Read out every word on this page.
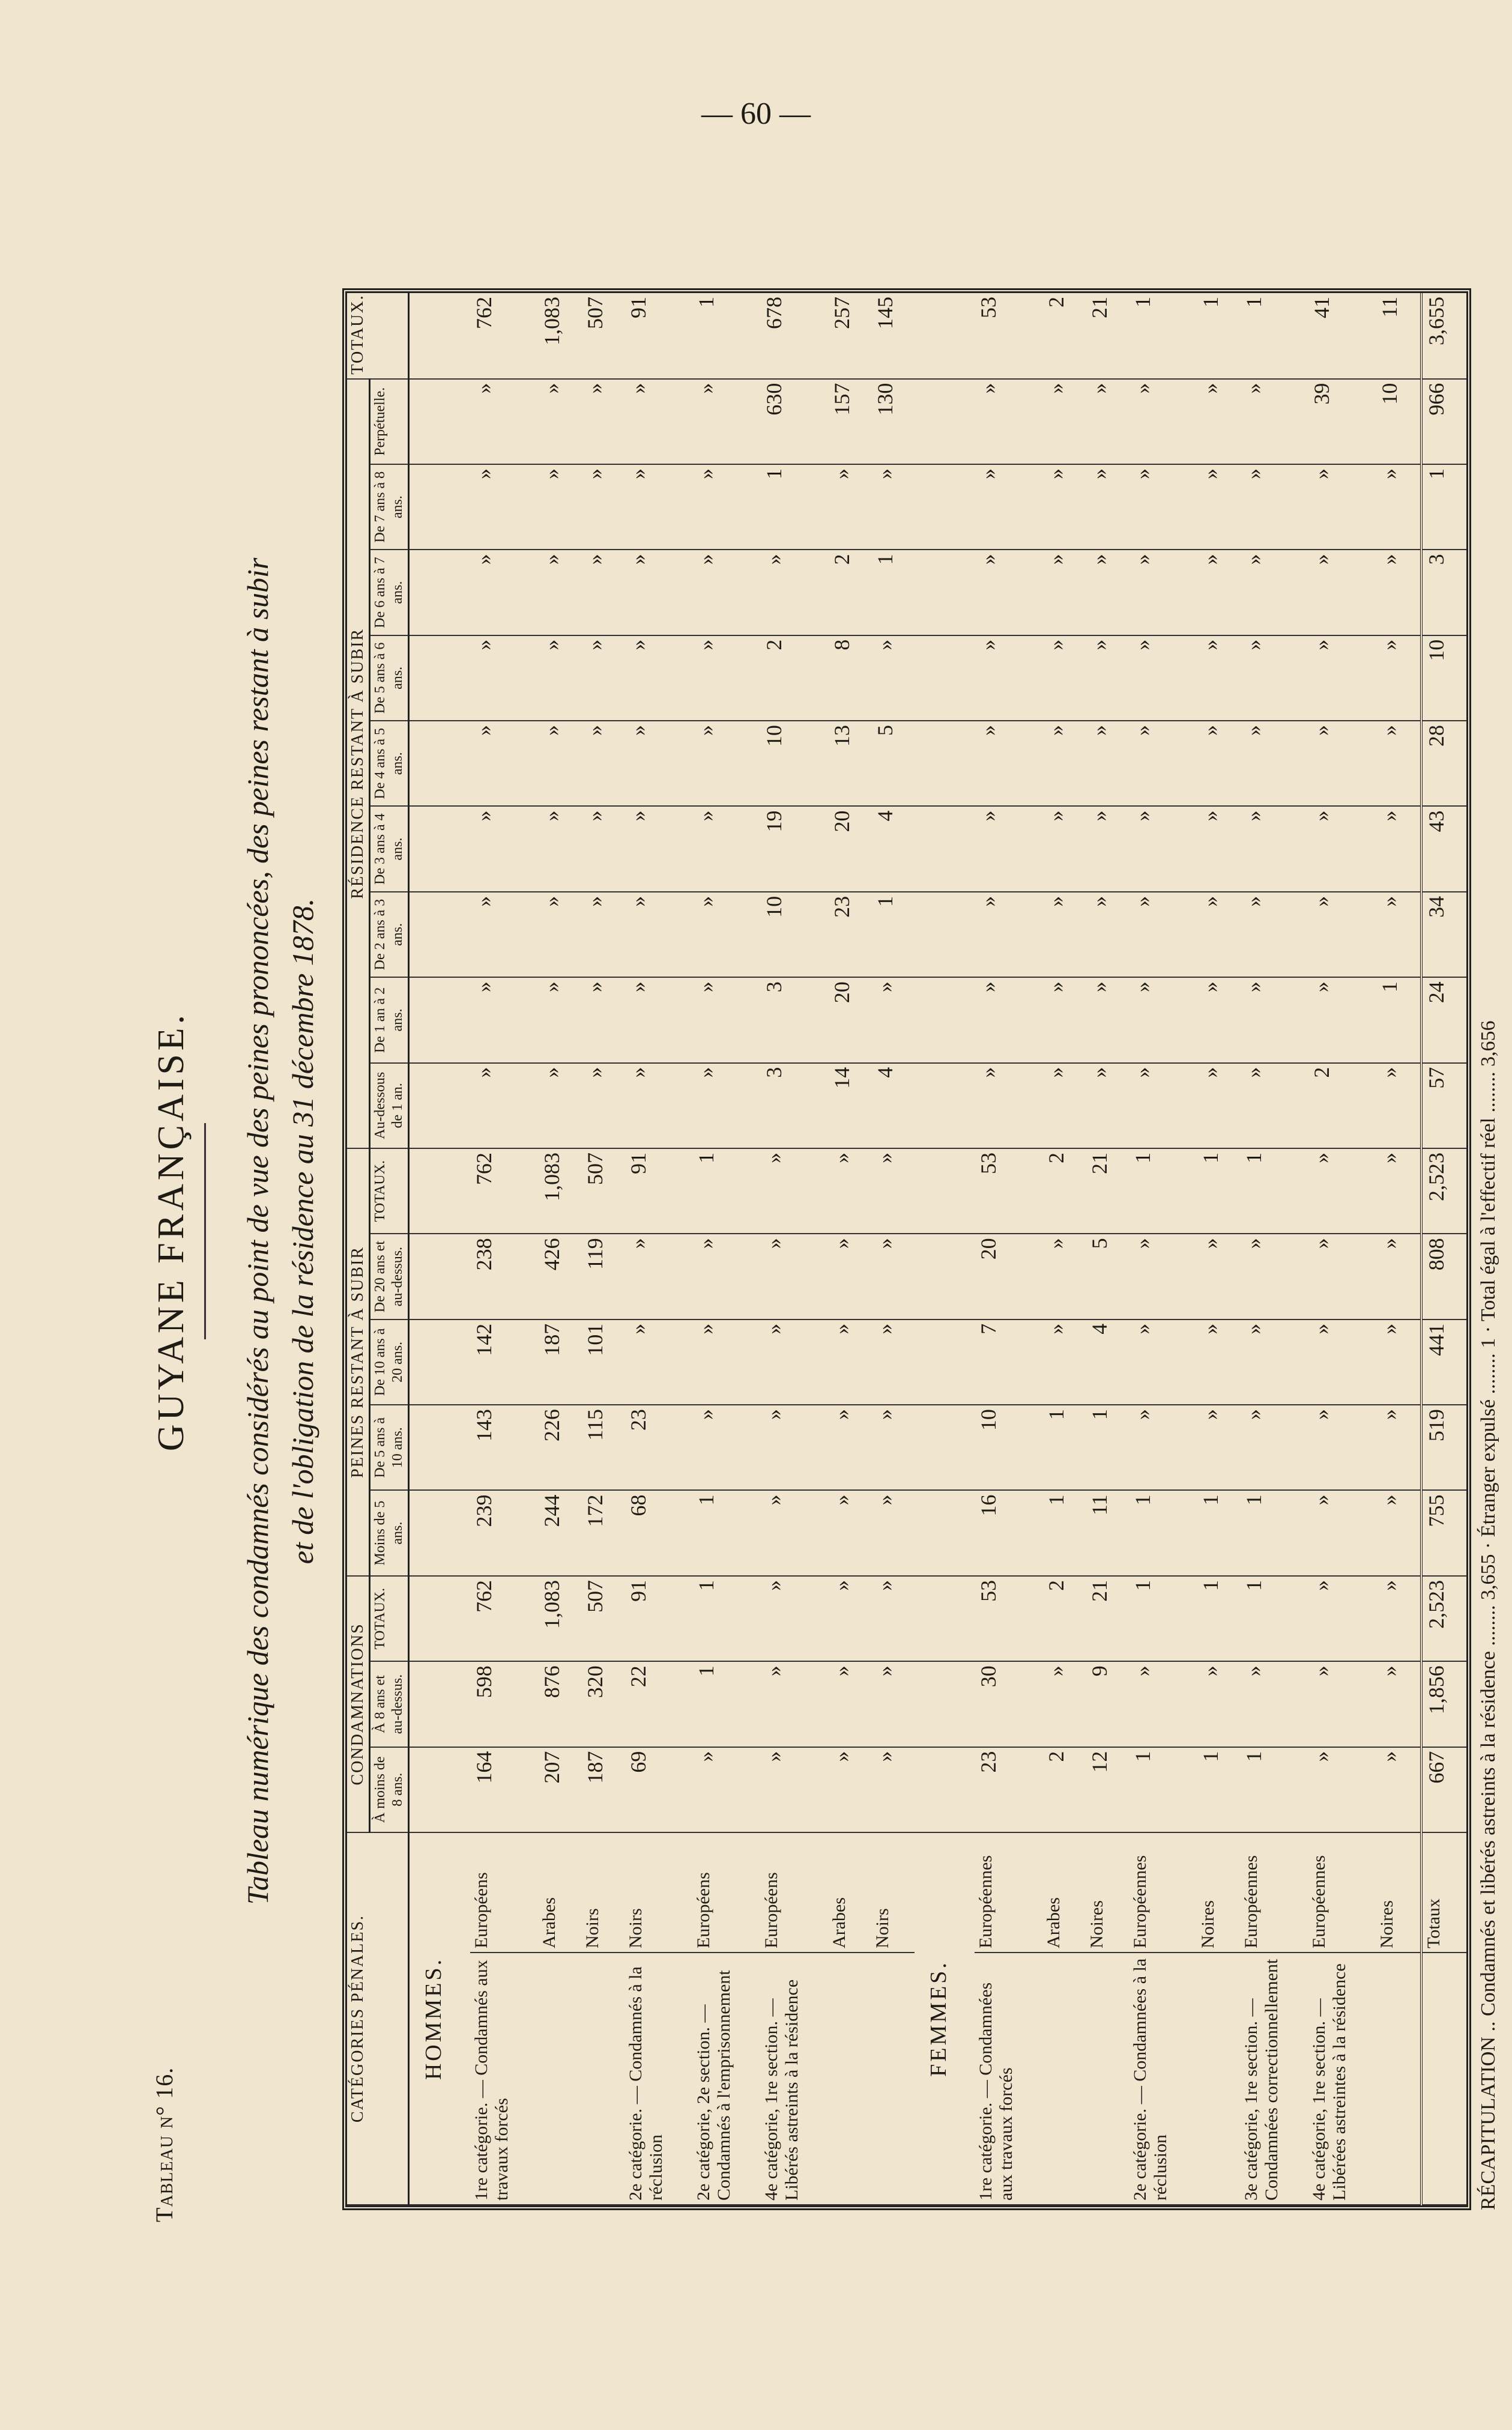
— 60 —
Tableau n° 16.
GUYANE FRANÇAISE. Tableau numérique des condamnés considérés au point de vue des peines prononcées, des peines restant à subir et de l'obligation de la résidence au 31 décembre 1878.
CATÉGORIES PÉNALES.		CONDAMNATIONS			PEINES RESTANT À SUBIR					RÉSIDENCE RESTANT À SUBIR									TOTAUX.
		À moins de 8 ans.	À 8 ans et au-dessus.	TOTAUX.	Moins de 5 ans.	De 5 ans à 10 ans.	De 10 ans à 20 ans.	De 20 ans et au-dessus.	TOTAUX.	Au-dessous de 1 an.	De 1 an à 2 ans.	De 2 ans à 3 ans.	De 3 ans à 4 ans.	De 4 ans à 5 ans.	De 5 ans à 6 ans.	De 6 ans à 7 ans.	De 7 ans à 8 ans.	Perpétuelle.	
HOMMES.																			
1re catégorie. — Condamnés aux travaux forcés	Européens	164	598	762	239	143	142	238	762	»	»	»	»	»	»	»	»	»	762
	Arabes	207	876	1,083	244	226	187	426	1,083	»	»	»	»	»	»	»	»	»	1,083
	Noirs	187	320	507	172	115	101	119	507	»	»	»	»	»	»	»	»	»	507
2e catégorie. — Condamnés à la réclusion	Noirs	69	22	91	68	23	»	»	91	»	»	»	»	»	»	»	»	»	91
2e catégorie, 2e section. — Condamnés à l'emprisonnement	Européens	»	1	1	1	»	»	»	1	»	»	»	»	»	»	»	»	»	1
4e catégorie, 1re section. — Libérés astreints à la résidence	Européens	»	»	»	»	»	»	»	»	3	3	10	19	10	2	»	1	630	678
	Arabes	»	»	»	»	»	»	»	»	14	20	23	20	13	8	2	»	157	257
	Noirs	»	»	»	»	»	»	»	»	4	»	1	4	5	»	1	»	130	145
FEMMES.																			
1re catégorie. — Condamnées aux travaux forcés	Européennes	23	30	53	16	10	7	20	53	»	»	»	»	»	»	»	»	»	53
	Arabes	2	»	2	1	1	»	»	2	»	»	»	»	»	»	»	»	»	2
	Noires	12	9	21	11	1	4	5	21	»	»	»	»	»	»	»	»	»	21
2e catégorie. — Condamnées à la réclusion	Européennes	1	»	1	1	»	»	»	1	»	»	»	»	»	»	»	»	»	1
	Noires	1	»	1	1	»	»	»	1	»	»	»	»	»	»	»	»	»	1
3e catégorie, 1re section. — Condamnées correctionnellement	Européennes	1	»	1	1	»	»	»	1	»	»	»	»	»	»	»	»	»	1
4e catégorie, 1re section. — Libérées astreintes à la résidence	Européennes	»	»	»	»	»	»	»	»	2	»	»	»	»	»	»	»	39	41
	Noires	»	»	»	»	»	»	»	»	»	1	»	»	»	»	»	»	10	11
	Totaux	667	1,856	2,523	755	519	441	808	2,523	57	24	34	43	28	10	3	1	966	3,655
RÉCAPITULATION .. Condamnés et libérés astreints à la résidence ........ 3,655 · Étranger expulsé ........ 1 · Total égal à l'effectif réel ........ 3,656
